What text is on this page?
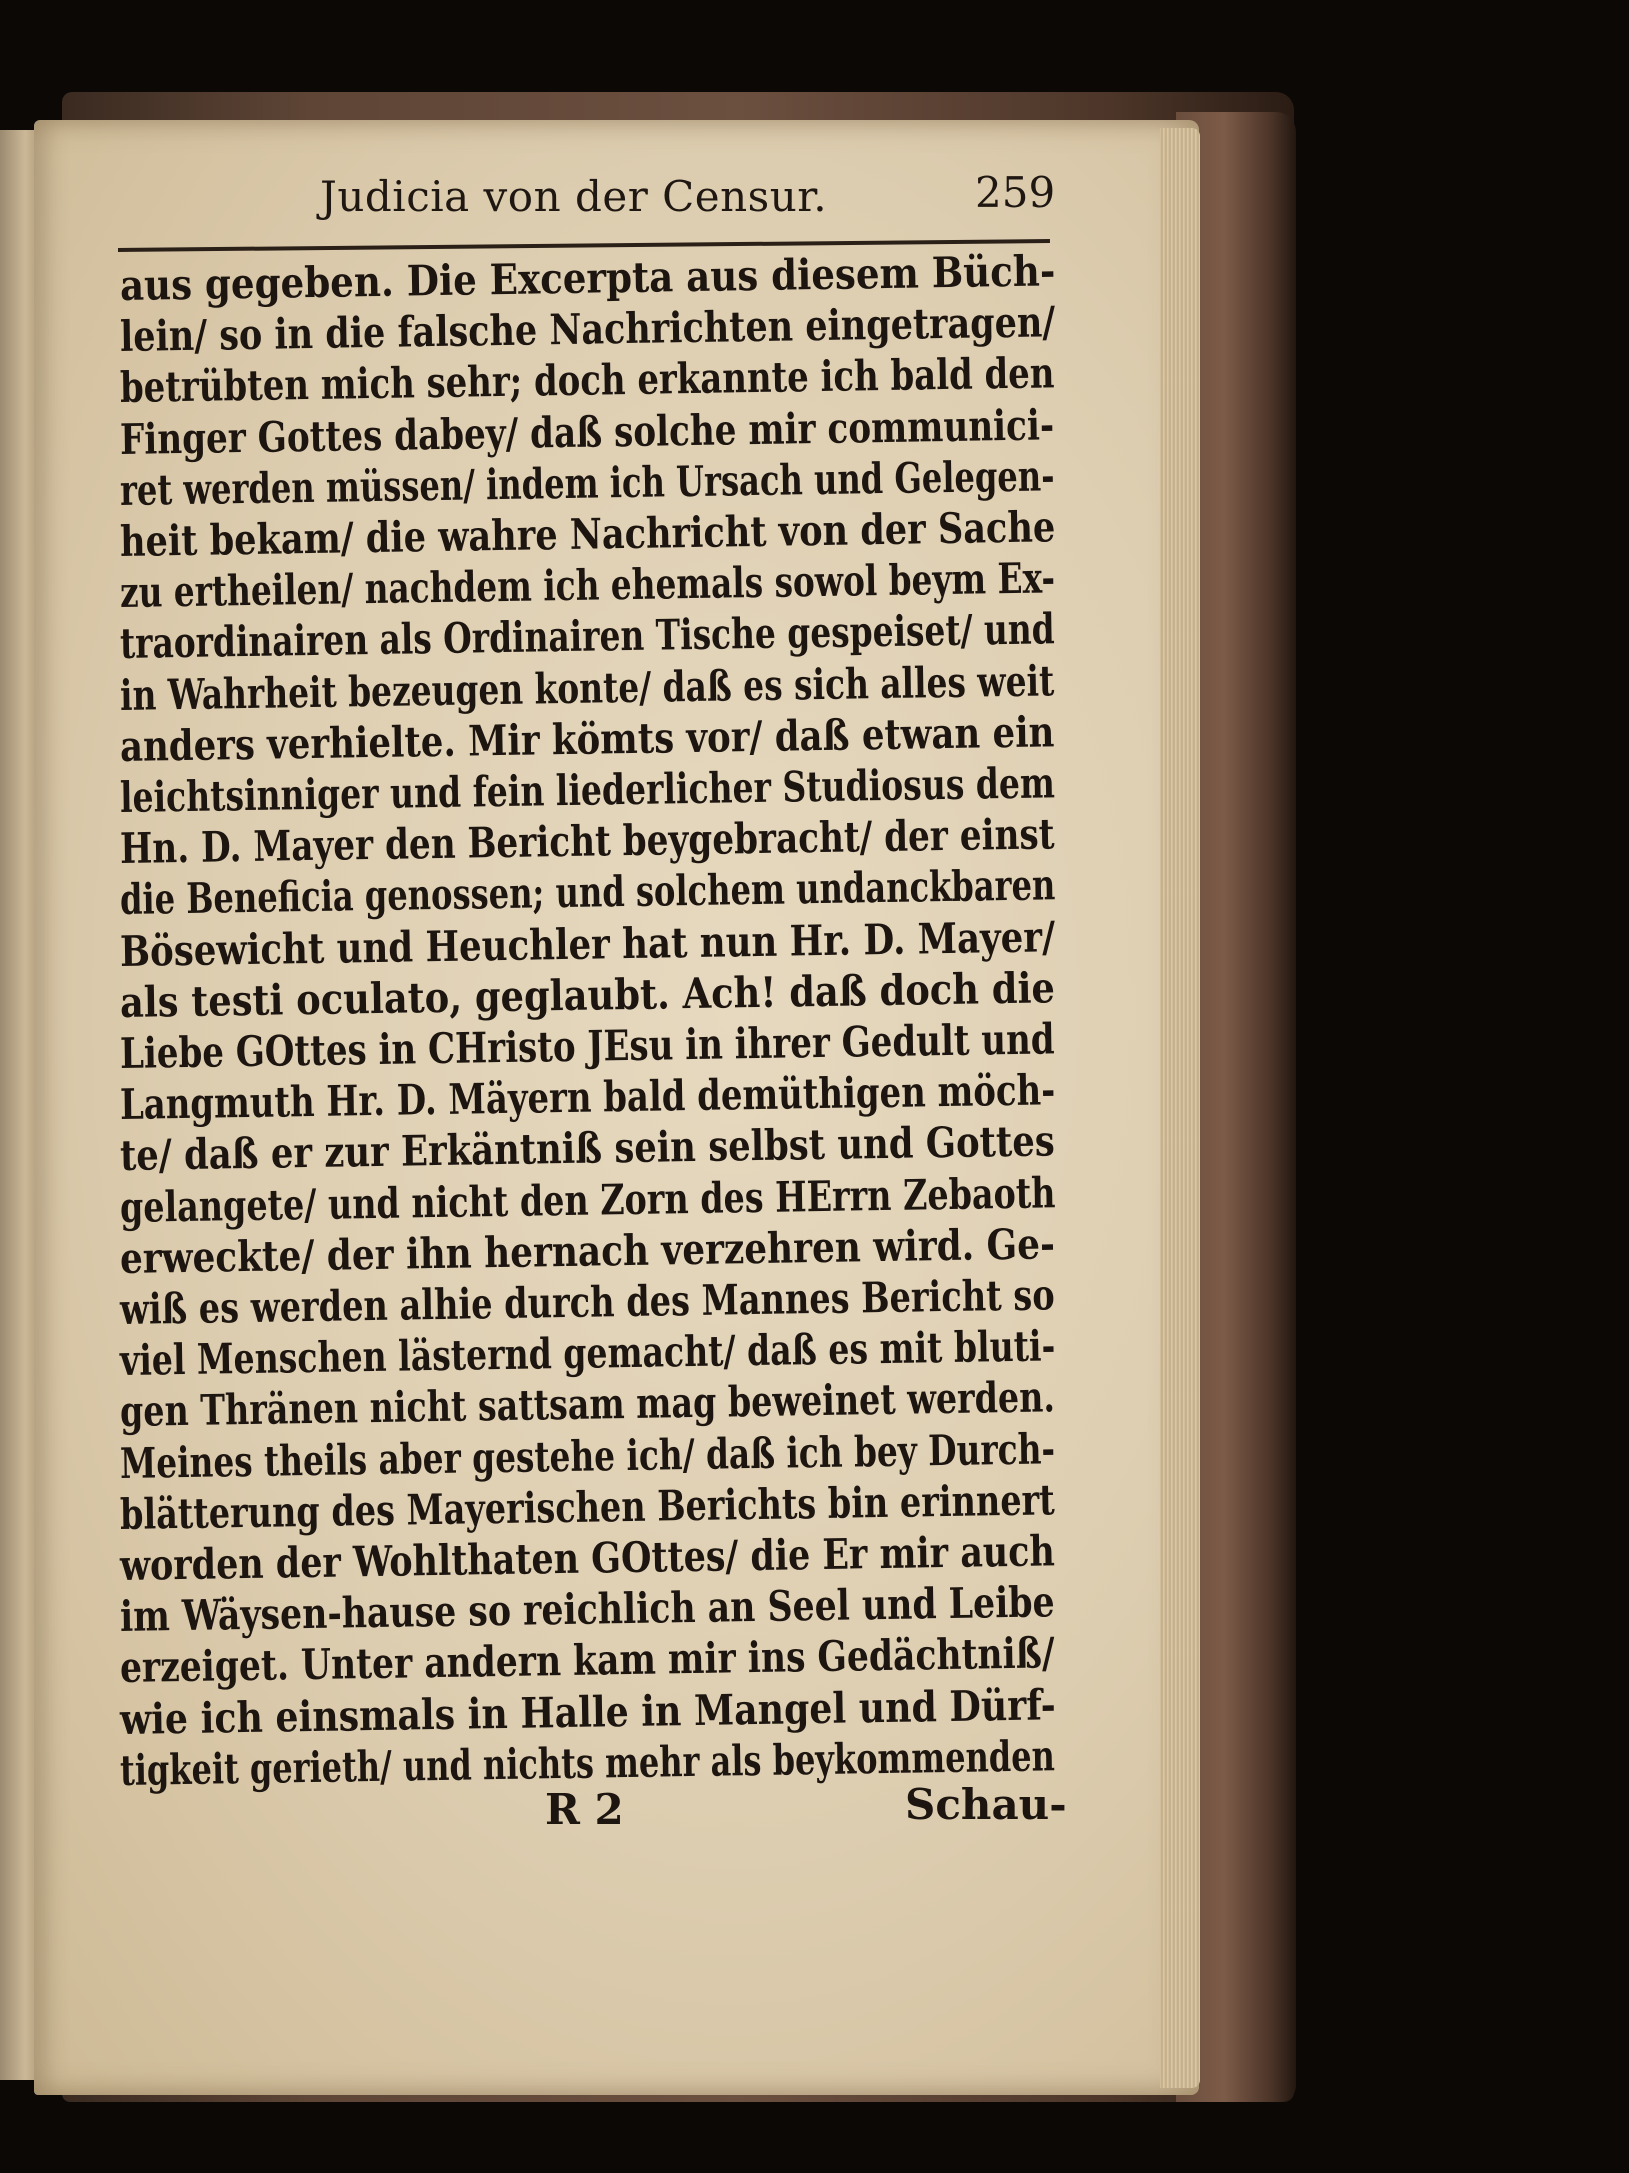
Judicia von der Censur.	259
aus gegeben. Die Excerpta aus diesem Büch-
lein/ so in die falsche Nachrichten eingetragen/
betrübten mich sehr; doch erkannte ich bald den
Finger Gottes dabey/ daß solche mir communici-
ret werden müssen/ indem ich Ursach und Gelegen-
heit bekam/ die wahre Nachricht von der Sache
zu ertheilen/ nachdem ich ehemals sowol beym Ex-
traordinairen als Ordinairen Tische gespeiset/ und
in Wahrheit bezeugen konte/ daß es sich alles weit
anders verhielte. Mir kömts vor/ daß etwan ein
leichtsinniger und fein liederlicher Studiosus dem
Hn. D. Mayer den Bericht beygebracht/ der einst
die Beneficia genossen; und solchem undanckbaren
Bösewicht und Heuchler hat nun Hr. D. Mayer/
als testi oculato, geglaubt. Ach! daß doch die
Liebe GOttes in CHristo JEsu in ihrer Gedult und
Langmuth Hr. D. Mäyern bald demüthigen möch-
te/ daß er zur Erkäntniß sein selbst und Gottes
gelangete/ und nicht den Zorn des HErrn Zebaoth
erweckte/ der ihn hernach verzehren wird. Ge-
wiß es werden alhie durch des Mannes Bericht so
viel Menschen lästernd gemacht/ daß es mit bluti-
gen Thränen nicht sattsam mag beweinet werden.
Meines theils aber gestehe ich/ daß ich bey Durch-
blätterung des Mayerischen Berichts bin erinnert
worden der Wohlthaten GOttes/ die Er mir auch
im Wäysen-hause so reichlich an Seel und Leibe
erzeiget. Unter andern kam mir ins Gedächtniß/
wie ich einsmals in Halle in Mangel und Dürf-
tigkeit gerieth/ und nichts mehr als beykommenden
R 2	Schau-
